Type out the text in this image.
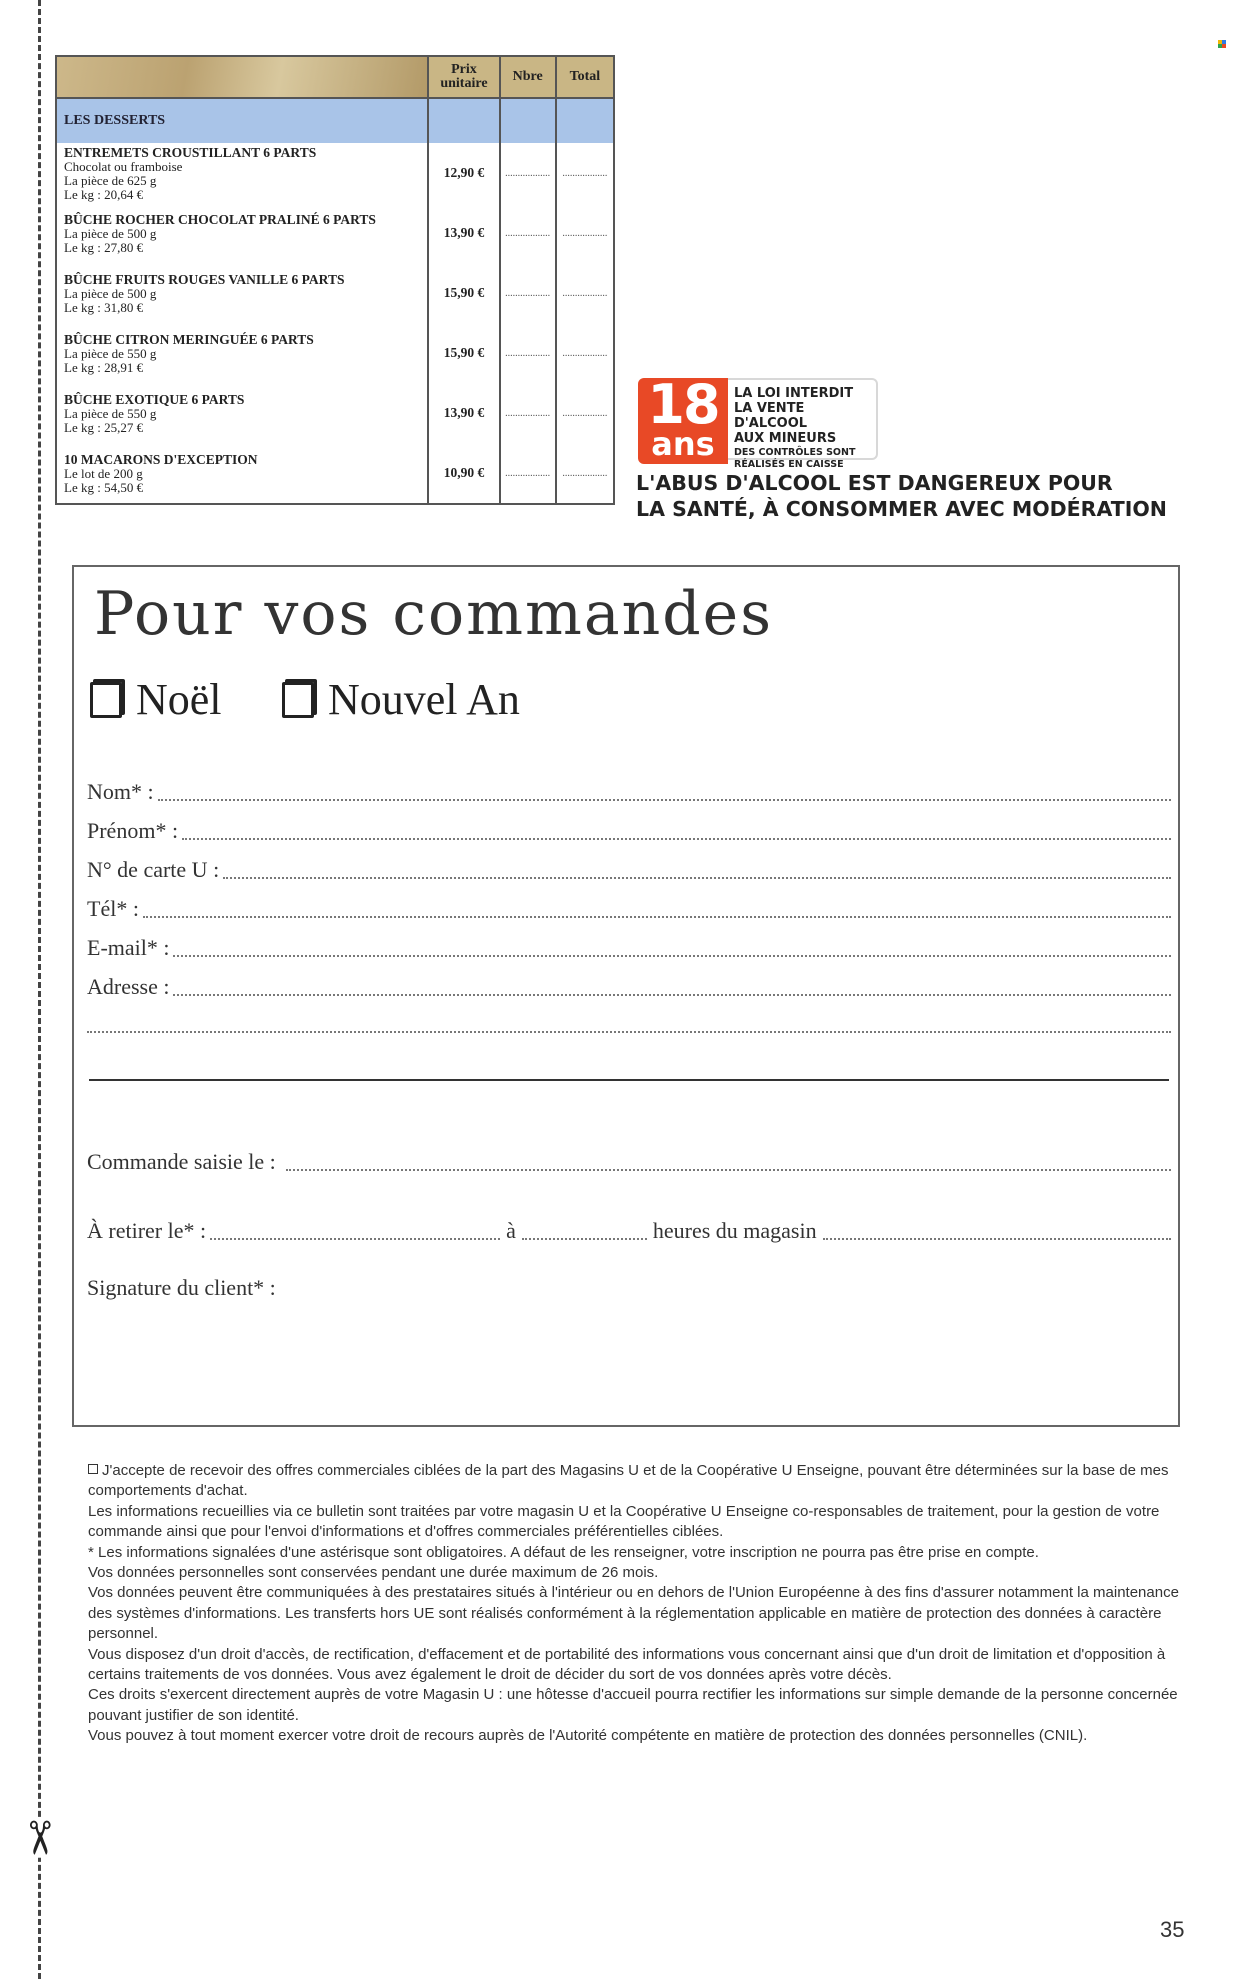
✂
	Prix unitaire	Nbre	Total
LES DESSERTS			

ENTREMETS CROUSTILLANT 6 PARTS
Chocolat ou framboise
La pièce de 625 g
Le kg : 20,64 €	12,90 €	..................	..................

BÛCHE ROCHER CHOCOLAT PRALINÉ 6 PARTS
La pièce de 500 g
Le kg : 27,80 €	13,90 €	..................	..................

BÛCHE FRUITS ROUGES VANILLE 6 PARTS
La pièce de 500 g
Le kg : 31,80 €	15,90 €	..................	..................

BÛCHE CITRON MERINGUÉE 6 PARTS
La pièce de 550 g
Le kg : 28,91 €	15,90 €	..................	..................

BÛCHE EXOTIQUE 6 PARTS
La pièce de 550 g
Le kg : 25,27 €	13,90 €	..................	..................

10 MACARONS D'EXCEPTION
Le lot de 200 g
Le kg : 54,50 €	10,90 €	..................	..................
18
ans
LA LOI INTERDIT
LA VENTE D'ALCOOL
AUX MINEURS
DES CONTRÔLES SONT
RÉALISÉS EN CAISSE
L'ABUS D'ALCOOL EST DANGEREUX POUR
LA SANTÉ, À CONSOMMER AVEC MODÉRATION
Pour vos commandes
Noël	Nouvel An
Nom* :
Prénom* :
N° de carte U :
Tél* :
E-mail* :
Adresse :
Commande saisie le :
À retirer le* :	à	heures du magasin
Signature du client* :

J'accepte de recevoir des offres commerciales ciblées de la part des Magasins U et de la Coopérative U Enseigne, pouvant être déterminées sur la base de mes comportements d'achat.

Les informations recueillies via ce bulletin sont traitées par votre magasin U et la Coopérative U Enseigne co-responsables de traitement, pour la gestion de votre commande ainsi que pour l'envoi d'informations et d'offres commerciales préférentielles ciblées.

* Les informations signalées d'une astérisque sont obligatoires. A défaut de les renseigner, votre inscription ne pourra pas être prise en compte.

Vos données personnelles sont conservées pendant une durée maximum de 26 mois.

Vos données peuvent être communiquées à des prestataires situés à l'intérieur ou en dehors de l'Union Européenne à des fins d'assurer notamment la maintenance des systèmes d'informations. Les transferts hors UE sont réalisés conformément à la réglementation applicable en matière de protection des données à caractère personnel.

Vous disposez d'un droit d'accès, de rectification, d'effacement et de portabilité des informations vous concernant ainsi que d'un droit de limitation et d'opposition à certains traitements de vos données. Vous avez également le droit de décider du sort de vos données après votre décès.

Ces droits s'exercent directement auprès de votre Magasin U : une hôtesse d'accueil pourra rectifier les informations sur simple demande de la personne concernée pouvant justifier de son identité.

Vous pouvez à tout moment exercer votre droit de recours auprès de l'Autorité compétente en matière de protection des données personnelles (CNIL).

35
